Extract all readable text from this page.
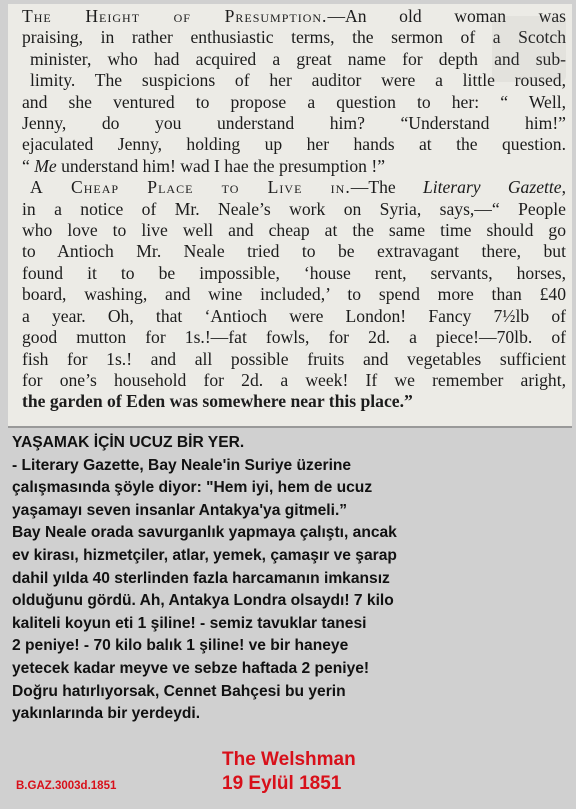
The Height of Presumption.—An old woman was

praising, in rather enthusiastic terms, the sermon of a Scotch

minister, who had acquired a great name for depth and sub-

limity. The suspicions of her auditor were a little roused,

and she ventured to propose a question to her: “ Well,

Jenny, do you understand him? “Understand him!”

ejaculated Jenny, holding up her hands at the question.

“ Me understand him! wad I hae the presumption !”

A Cheap Place to Live in.—The Literary Gazette,

in a notice of Mr. Neale’s work on Syria, says,—“ People

who love to live well and cheap at the same time should go

to Antioch Mr. Neale tried to be extravagant there, but

found it to be impossible, ‘house rent, servants, horses,

board, washing, and wine included,’ to spend more than £40

a year. Oh, that ‘Antioch were London! Fancy 7½lb of

good mutton for 1s.!—fat fowls, for 2d. a piece!—70lb. of

fish for 1s.! and all possible fruits and vegetables sufficient

for one’s household for 2d. a week! If we remember aright,

the garden of Eden was somewhere near this place.”

YAŞAMAK İÇİN UCUZ BİR YER.
- Literary Gazette, Bay Neale'in Suriye üzerine
çalışmasında şöyle diyor: "Hem iyi, hem de ucuz
yaşamayı seven insanlar Antakya'ya gitmeli.”
Bay Neale orada savurganlık yapmaya çalıştı, ancak
ev kirası, hizmetçiler, atlar, yemek, çamaşır ve şarap
dahil yılda 40 sterlinden fazla harcamanın imkansız
olduğunu gördü. Ah, Antakya Londra olsaydı! 7 kilo
kaliteli koyun eti 1 şiline! - semiz tavuklar tanesi
2 peniye! - 70 kilo balık 1 şiline! ve bir haneye
yetecek kadar meyve ve sebze haftada 2 peniye!
Doğru hatırlıyorsak, Cennet Bahçesi bu yerin
yakınlarında bir yerdeydi.
The Welshman
19 Eylül 1851
B.GAZ.3003d.1851
